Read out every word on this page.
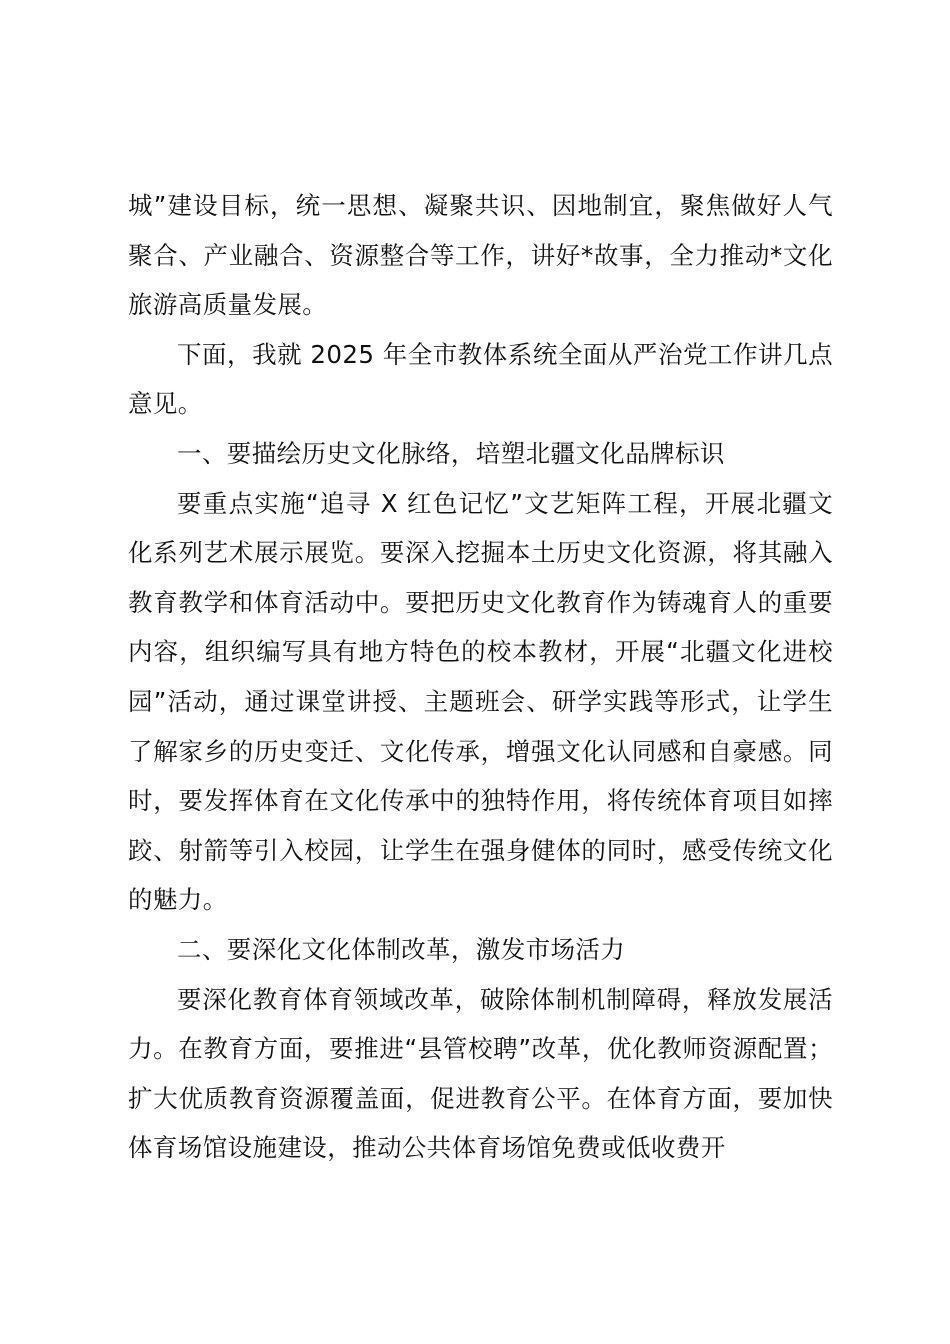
城”建设目标，统一思想、凝聚共识、因地制宜，聚焦做好人气聚合、产业融合、资源整合等工作，讲好*故事，全力推动*文化旅游高质量发展。

下面，我就 2025 年全市教体系统全面从严治党工作讲几点意见。

一、要描绘历史文化脉络，培塑北疆文化品牌标识

要重点实施“追寻 X 红色记忆”文艺矩阵工程，开展北疆文化系列艺术展示展览。要深入挖掘本土历史文化资源，将其融入教育教学和体育活动中。要把历史文化教育作为铸魂育人的重要内容，组织编写具有地方特色的校本教材，开展“北疆文化进校园”活动，通过课堂讲授、主题班会、研学实践等形式，让学生了解家乡的历史变迁、文化传承，增强文化认同感和自豪感。同时，要发挥体育在文化传承中的独特作用，将传统体育项目如摔跤、射箭等引入校园，让学生在强身健体的同时，感受传统文化的魅力。

二、要深化文化体制改革，激发市场活力

要深化教育体育领域改革，破除体制机制障碍，释放发展活力。在教育方面，要推进“县管校聘”改革，优化教师资源配置；扩大优质教育资源覆盖面，促进教育公平。在体育方面，要加快体育场馆设施建设，推动公共体育场馆免费或低收费开
